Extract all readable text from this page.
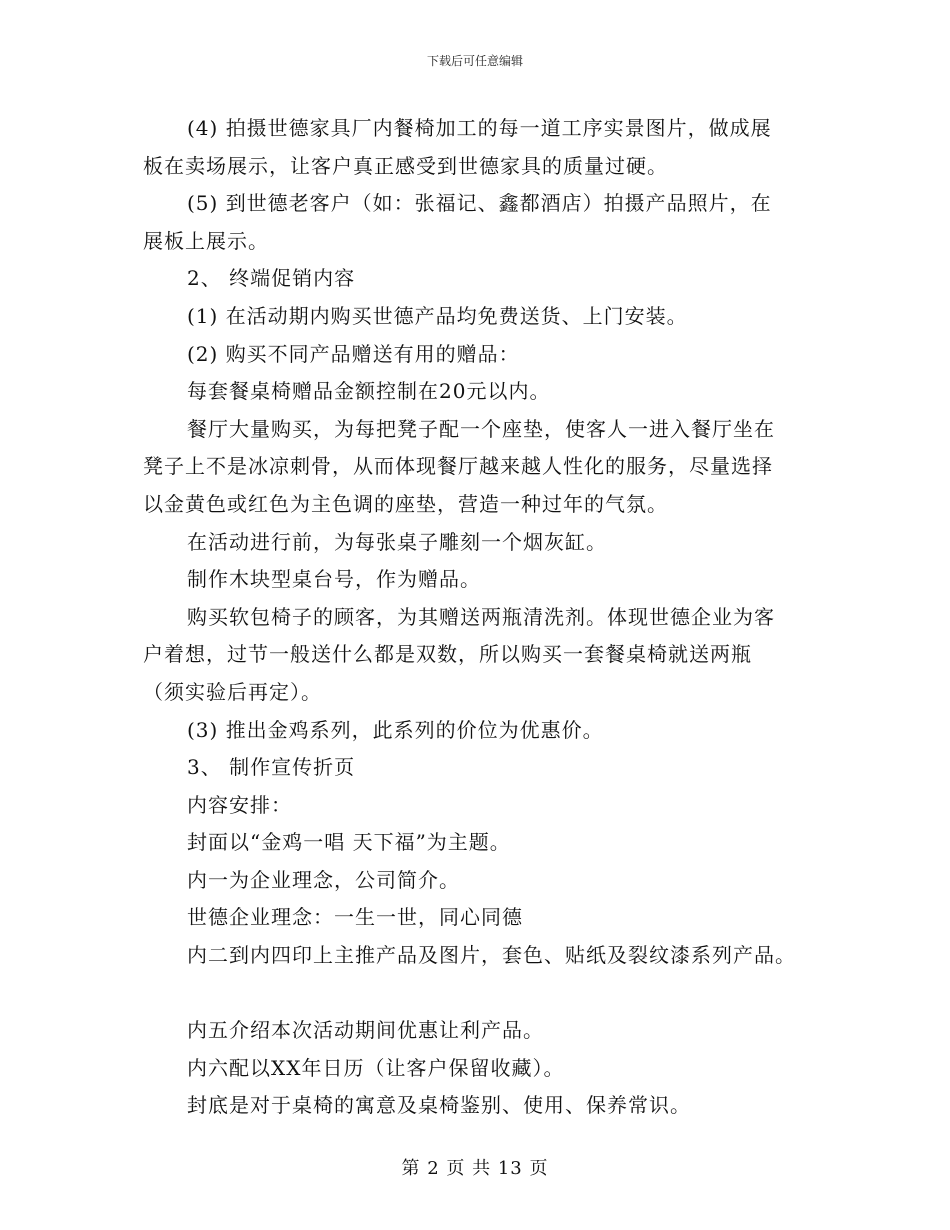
下载后可任意编辑
(4) 拍摄世德家具厂内餐椅加工的每一道工序实景图片，做成展
板在卖场展示，让客户真正感受到世德家具的质量过硬。
(5) 到世德老客户（如：张福记、鑫都酒店）拍摄产品照片，在
展板上展示。
2、 终端促销内容
(1) 在活动期内购买世德产品均免费送货、上门安装。
(2) 购买不同产品赠送有用的赠品：
每套餐桌椅赠品金额控制在20元以内。
餐厅大量购买，为每把凳子配一个座垫，使客人一进入餐厅坐在
凳子上不是冰凉刺骨，从而体现餐厅越来越人性化的服务，尽量选择
以金黄色或红色为主色调的座垫，营造一种过年的气氛。
在活动进行前，为每张桌子雕刻一个烟灰缸。
制作木块型桌台号，作为赠品。
购买软包椅子的顾客，为其赠送两瓶清洗剂。体现世德企业为客
户着想，过节一般送什么都是双数，所以购买一套餐桌椅就送两瓶
（须实验后再定）。
(3) 推出金鸡系列，此系列的价位为优惠价。
3、 制作宣传折页
内容安排：
封面以“金鸡一唱 天下福”为主题。
内一为企业理念，公司简介。
世德企业理念：一生一世，同心同德
内二到内四印上主推产品及图片，套色、贴纸及裂纹漆系列产品。
内五介绍本次活动期间优惠让利产品。
内六配以XX年日历（让客户保留收藏）。
封底是对于桌椅的寓意及桌椅鉴别、使用、保养常识。
第 2 页 共 13 页
